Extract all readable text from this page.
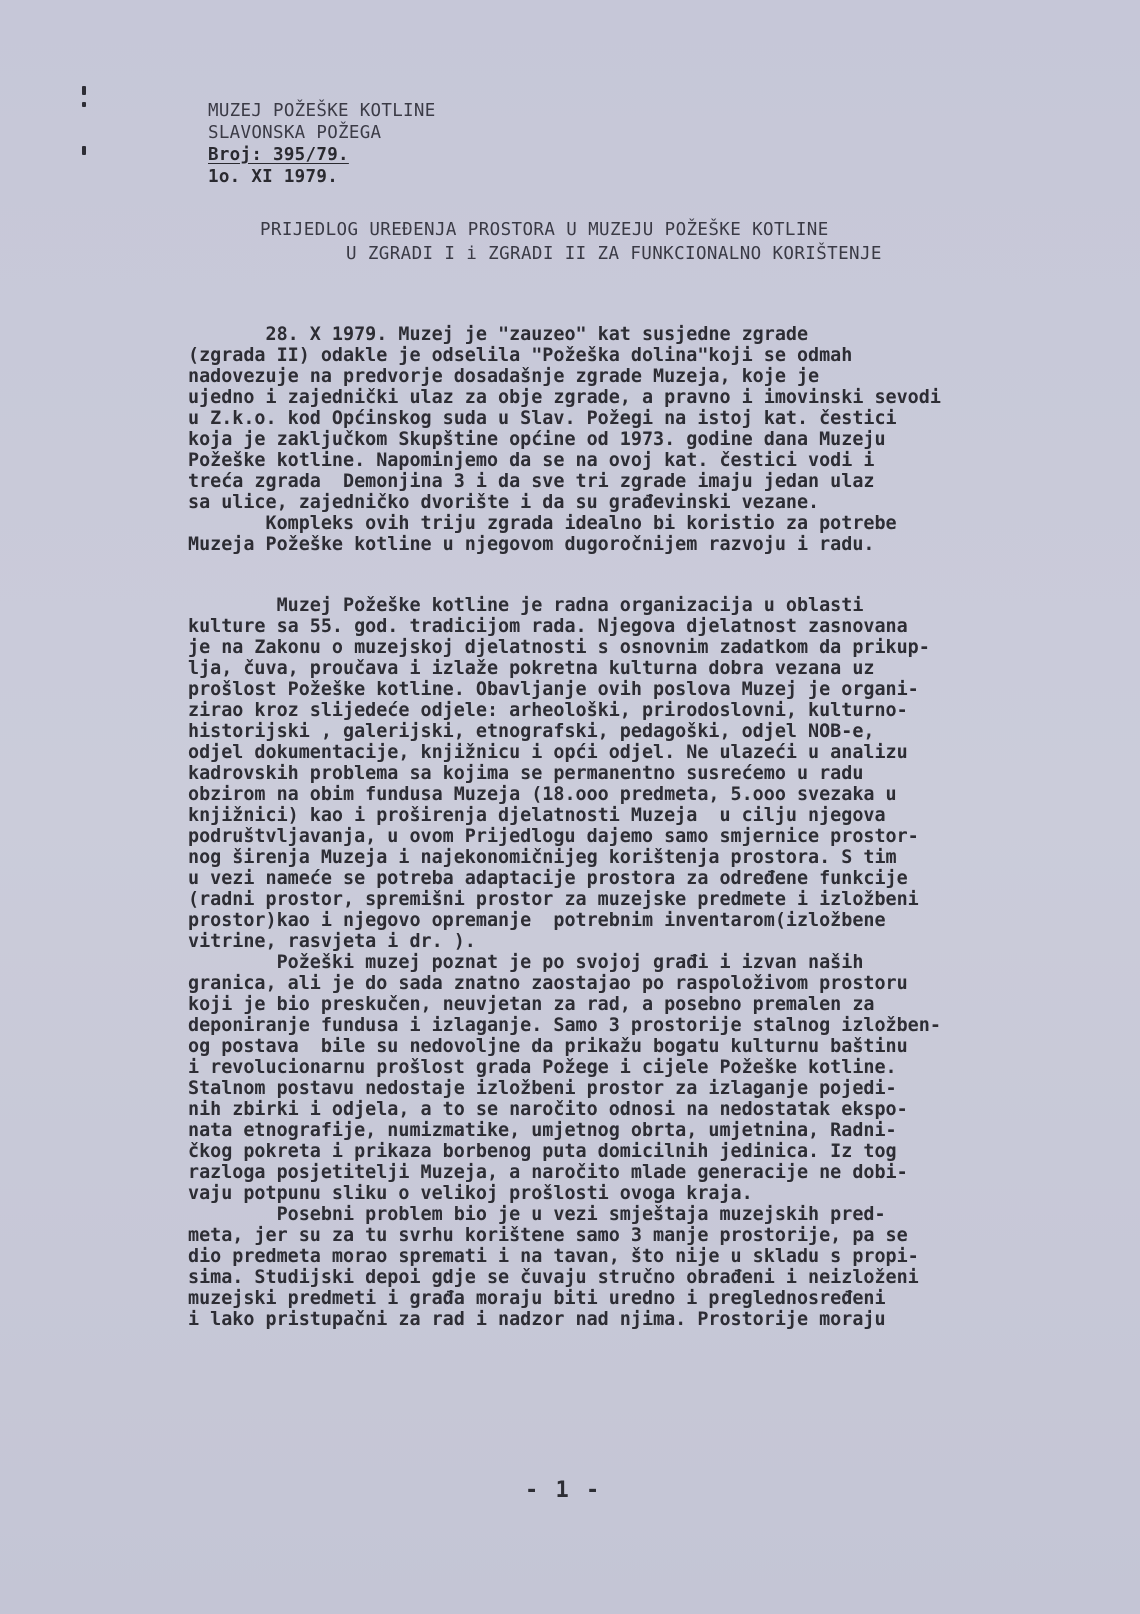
MUZEJ POŽEŠKE KOTLINE
SLAVONSKA POŽEGA
Broj: 395/79.
1o. XI 1979.
PRIJEDLOG UREĐENJA PROSTORA U MUZEJU POŽEŠKE KOTLINE
U ZGRADI I i ZGRADI II ZA FUNKCIONALNO KORIŠTENJE
28. X 1979. Muzej je "zauzeo" kat susjedne zgrade
(zgrada II) odakle je odselila "Požeška dolina"koji se odmah
nadovezuje na predvorje dosadašnje zgrade Muzeja, koje je
ujedno i zajednički ulaz za obje zgrade, a pravno i imovinski sevodi
u Z.k.o. kod Općinskog suda u Slav. Požegi na istoj kat. čestici
koja je zaključkom Skupštine općine od 1973. godine dana Muzeju
Požeške kotline. Napominjemo da se na ovoj kat. čestici vodi i
treća zgrada  Demonjina 3 i da sve tri zgrade imaju jedan ulaz
sa ulice, zajedničko dvorište i da su građevinski vezane.
Kompleks ovih triju zgrada idealno bi koristio za potrebe
Muzeja Požeške kotline u njegovom dugoročnijem razvoju i radu.
Muzej Požeške kotline je radna organizacija u oblasti
kulture sa 55. god. tradicijom rada. Njegova djelatnost zasnovana
je na Zakonu o muzejskoj djelatnosti s osnovnim zadatkom da prikup-
lja, čuva, proučava i izlaže pokretna kulturna dobra vezana uz
prošlost Požeške kotline. Obavljanje ovih poslova Muzej je organi-
zirao kroz slijedeće odjele: arheološki, prirodoslovni, kulturno-
historijski , galerijski, etnografski, pedagoški, odjel NOB-e,
odjel dokumentacije, knjižnicu i opći odjel. Ne ulazeći u analizu
kadrovskih problema sa kojima se permanentno susrećemo u radu
obzirom na obim fundusa Muzeja (18.ooo predmeta, 5.ooo svezaka u
knjižnici) kao i proširenja djelatnosti Muzeja  u cilju njegova
podruštvljavanja, u ovom Prijedlogu dajemo samo smjernice prostor-
nog širenja Muzeja i najekonomičnijeg korištenja prostora. S tim
u vezi nameće se potreba adaptacije prostora za određene funkcije
(radni prostor, spremišni prostor za muzejske predmete i izložbeni
prostor)kao i njegovo opremanje  potrebnim inventarom(izložbene
vitrine, rasvjeta i dr. ).
Požeški muzej poznat je po svojoj građi i izvan naših
granica, ali je do sada znatno zaostajao po raspoloživom prostoru
koji je bio preskučen, neuvjetan za rad, a posebno premalen za
deponiranje fundusa i izlaganje. Samo 3 prostorije stalnog izložben-
og postava  bile su nedovoljne da prikažu bogatu kulturnu baštinu
i revolucionarnu prošlost grada Požege i cijele Požeške kotline.
Stalnom postavu nedostaje izložbeni prostor za izlaganje pojedi-
nih zbirki i odjela, a to se naročito odnosi na nedostatak ekspo-
nata etnografije, numizmatike, umjetnog obrta, umjetnina, Radni-
čkog pokreta i prikaza borbenog puta domicilnih jedinica. Iz tog
razloga posjetitelji Muzeja, a naročito mlade generacije ne dobi-
vaju potpunu sliku o velikoj prošlosti ovoga kraja.
Posebni problem bio je u vezi smještaja muzejskih pred-
meta, jer su za tu svrhu korištene samo 3 manje prostorije, pa se
dio predmeta morao spremati i na tavan, što nije u skladu s propi-
sima. Studijski depoi gdje se čuvaju stručno obrađeni i neizloženi
muzejski predmeti i građa moraju biti uredno i preglednosređeni
i lako pristupačni za rad i nadzor nad njima. Prostorije moraju
- 1 -
